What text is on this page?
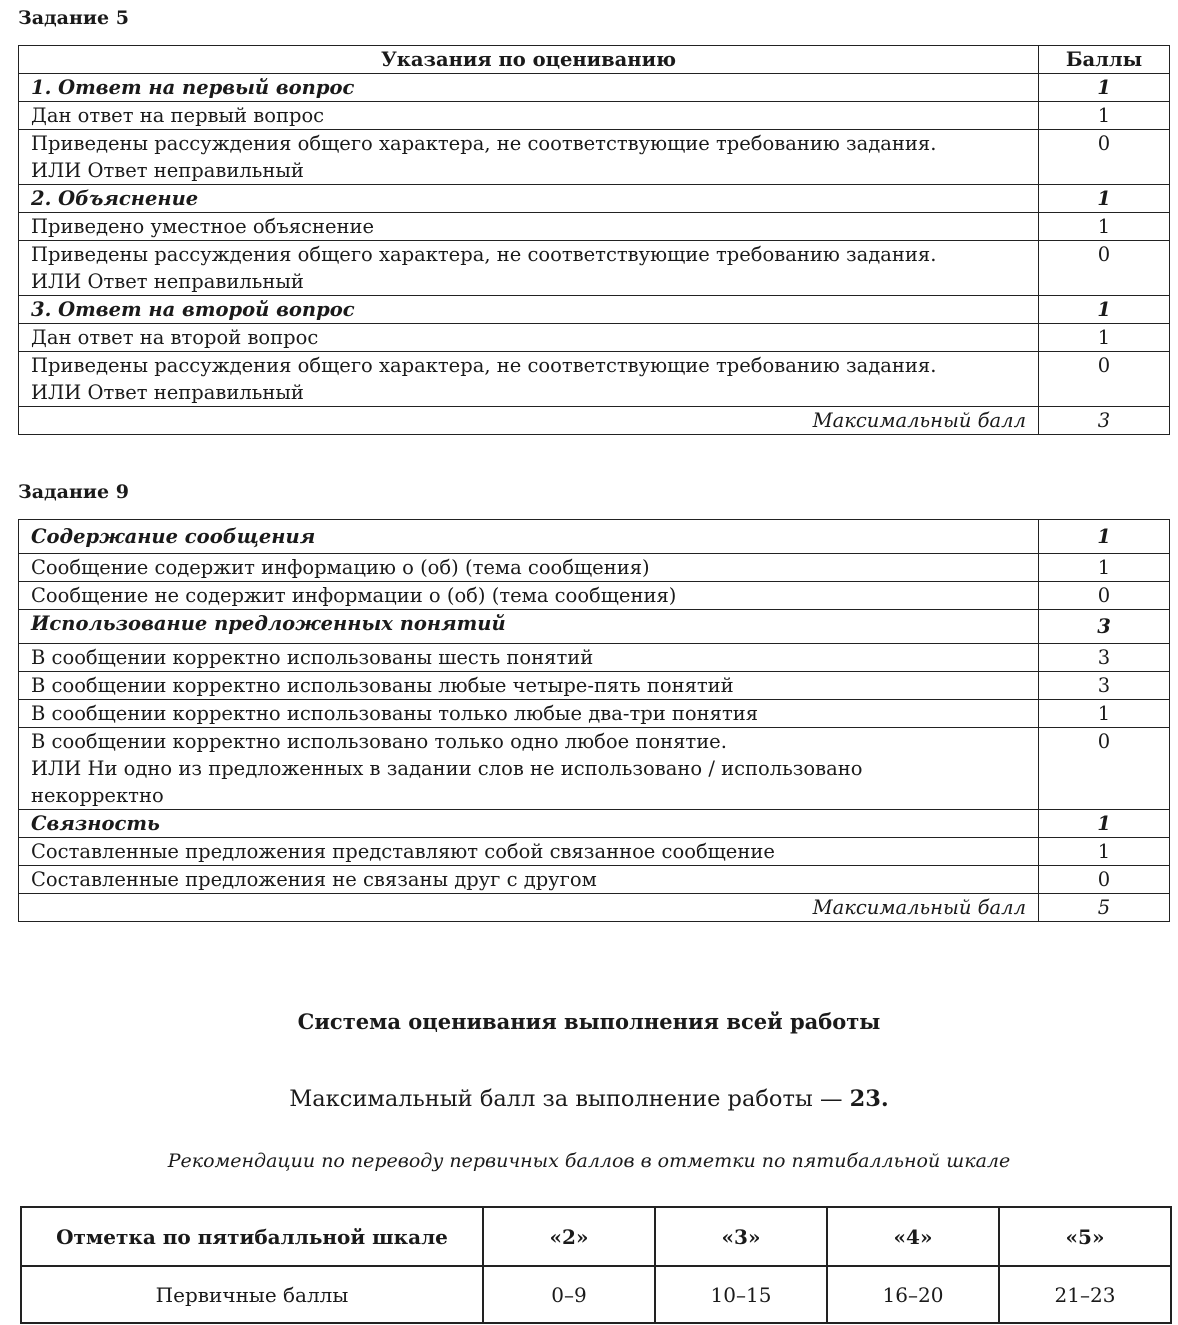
Задание 5
Указания по оцениванию	Баллы
1. Ответ на первый вопрос	1
Дан ответ на первый вопрос	1

Приведены рассуждения общего характера, не соответствующие требованию задания.
ИЛИ Ответ неправильный	0
2. Объяснение	1
Приведено уместное объяснение	1

Приведены рассуждения общего характера, не соответствующие требованию задания.
ИЛИ Ответ неправильный	0
3. Ответ на второй вопрос	1
Дан ответ на второй вопрос	1

Приведены рассуждения общего характера, не соответствующие требованию задания.
ИЛИ Ответ неправильный	0
Максимальный балл	3
Задание 9
Содержание сообщения	1
Сообщение содержит информацию о (об) (тема сообщения)	1
Сообщение не содержит информации о (об) (тема сообщения)	0
Использование предложенных понятий	3
В сообщении корректно использованы шесть понятий	3
В сообщении корректно использованы любые четыре-пять понятий	3
В сообщении корректно использованы только любые два-три понятия	1

В сообщении корректно использовано только одно любое понятие.
ИЛИ Ни одно из предложенных в задании слов не использовано / использовано
некорректно	0
Связность	1
Составленные предложения представляют собой связанное сообщение	1
Составленные предложения не связаны друг с другом	0
Максимальный балл	5
Система оценивания выполнения всей работы
Максимальный балл за выполнение работы — 23.
Рекомендации по переводу первичных баллов в отметки по пятибалльной шкале
Отметка по пятибалльной шкале	«2»	«3»	«4»	«5»
Первичные баллы	0–9	10–15	16–20	21–23
